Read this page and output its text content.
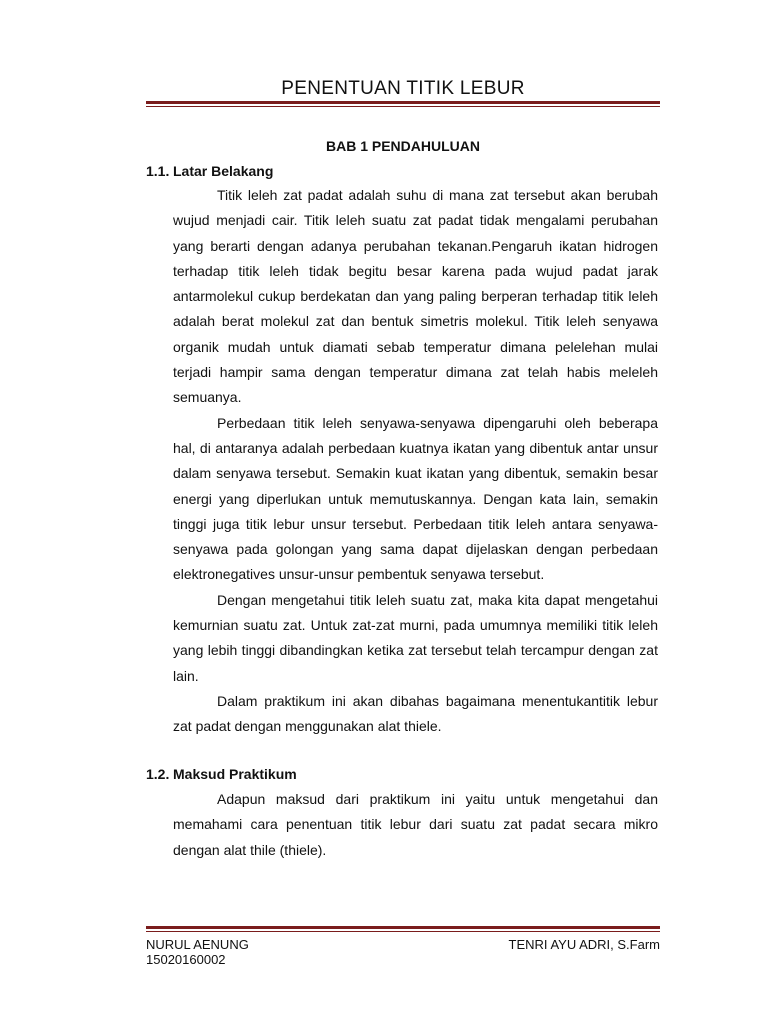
PENENTUAN TITIK LEBUR
BAB 1 PENDAHULUAN
1.1. Latar Belakang

Titik leleh zat padat adalah suhu di mana zat tersebut akan berubah wujud menjadi cair. Titik leleh suatu zat padat tidak mengalami perubahan yang berarti dengan adanya perubahan tekanan.Pengaruh ikatan hidrogen terhadap titik leleh tidak begitu besar karena pada wujud padat jarak antarmolekul cukup berdekatan dan yang paling berperan terhadap titik leleh adalah berat molekul zat dan bentuk simetris molekul. Titik leleh senyawa organik mudah untuk diamati sebab temperatur dimana pelelehan mulai terjadi hampir sama dengan temperatur dimana zat telah habis meleleh semuanya.

Perbedaan titik leleh senyawa-senyawa dipengaruhi oleh beberapa hal, di antaranya adalah perbedaan kuatnya ikatan yang dibentuk antar unsur dalam senyawa tersebut. Semakin kuat ikatan yang dibentuk, semakin besar energi yang diperlukan untuk memutuskannya. Dengan kata lain, semakin tinggi juga titik lebur unsur tersebut. Perbedaan titik leleh antara senyawa-senyawa pada golongan yang sama dapat dijelaskan dengan perbedaan elektronegatives unsur-unsur pembentuk senyawa tersebut.

Dengan mengetahui titik leleh suatu zat, maka kita dapat mengetahui kemurnian suatu zat. Untuk zat-zat murni, pada umumnya memiliki titik leleh yang lebih tinggi dibandingkan ketika zat tersebut telah tercampur dengan zat lain.

Dalam praktikum ini akan dibahas bagaimana menentukantitik lebur zat padat dengan menggunakan alat thiele.

1.2. Maksud Praktikum

Adapun maksud dari praktikum ini yaitu untuk mengetahui dan memahami cara penentuan titik lebur dari suatu zat padat secara mikro dengan alat thile (thiele).

NURUL AENUNG
15020160002
TENRI AYU ADRI, S.Farm
